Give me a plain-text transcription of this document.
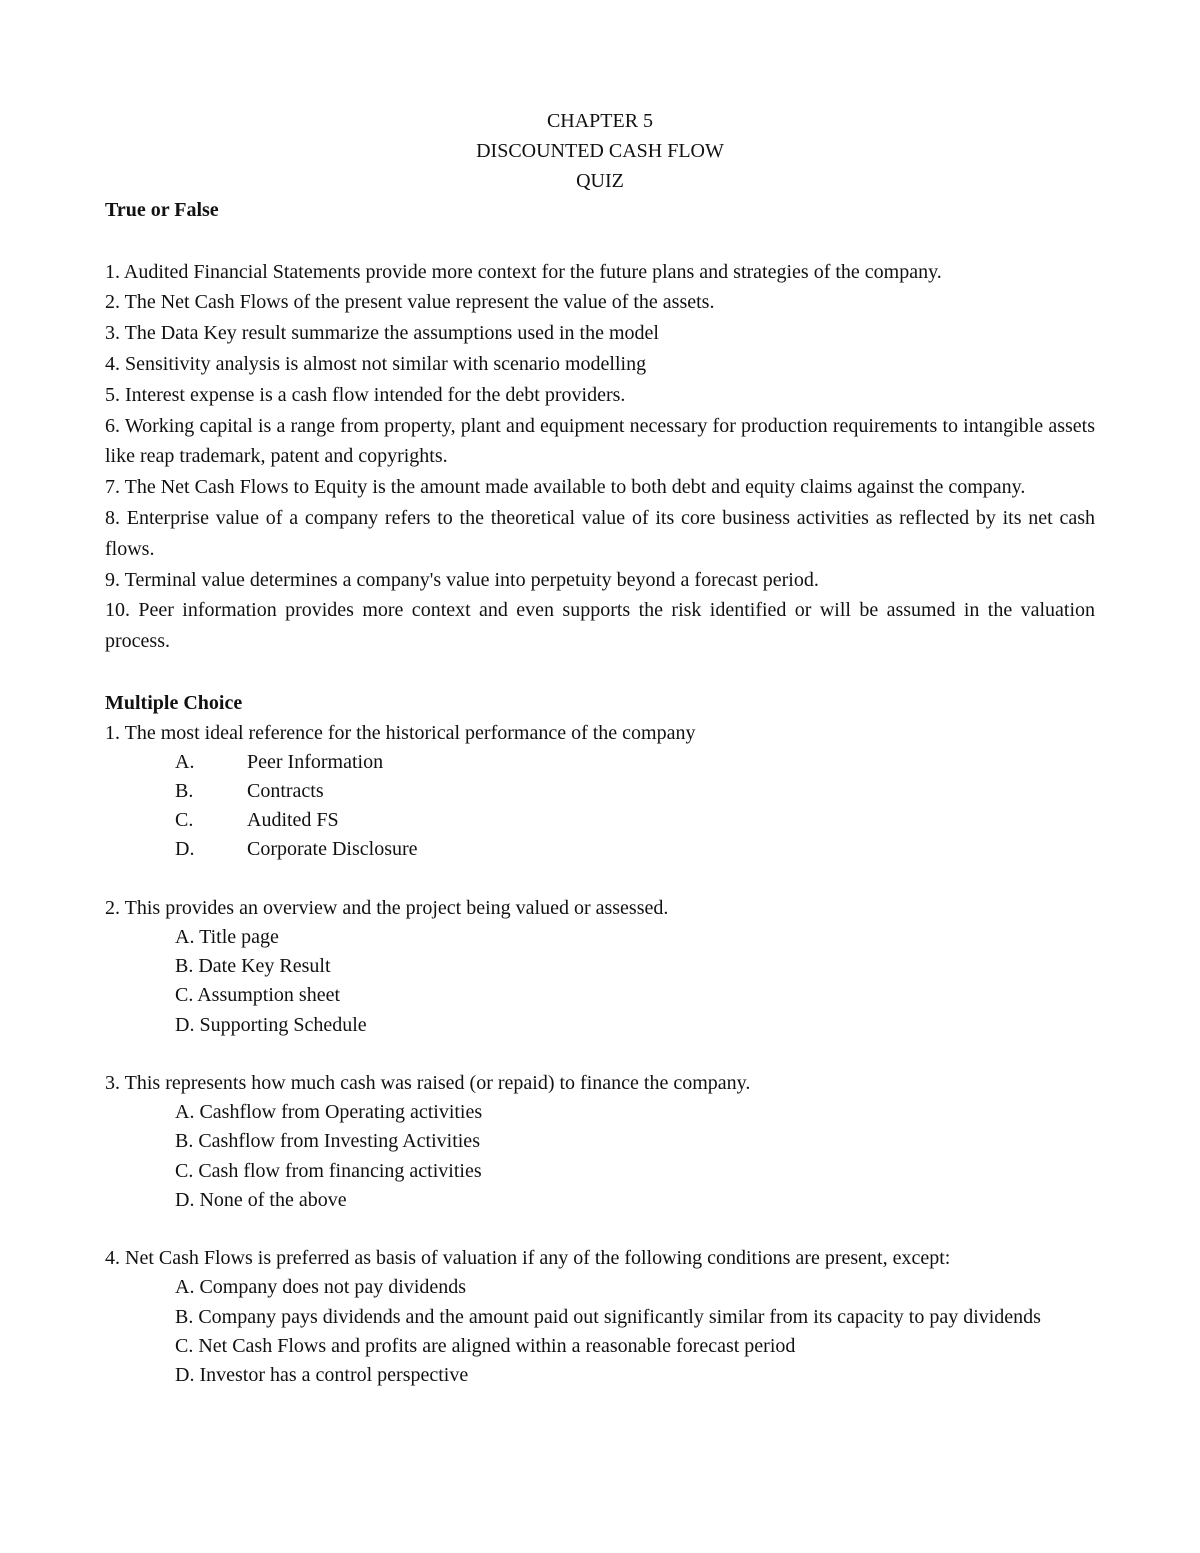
CHAPTER 5
DISCOUNTED CASH FLOW
QUIZ
True or False
1. Audited Financial Statements provide more context for the future plans and strategies of the company.
2. The Net Cash Flows of the present value represent the value of the assets.
3. The Data Key result summarize the assumptions used in the model
4. Sensitivity analysis is almost not similar with scenario modelling
5. Interest expense is a cash flow intended for the debt providers.
6. Working capital is a range from property, plant and equipment necessary for production requirements to intangible assets like reap trademark, patent and copyrights.
7. The Net Cash Flows to Equity is the amount made available to both debt and equity claims against the company.
8. Enterprise value of a company refers to the theoretical value of its core business activities as reflected by its net cash flows.
9. Terminal value determines a company's value into perpetuity beyond a forecast period.
10. Peer information provides more context and even supports the risk identified or will be assumed in the valuation process.
Multiple Choice
1. The most ideal reference for the historical performance of the company
A.	Peer Information
B.	Contracts
C.	Audited FS
D.	Corporate Disclosure
2. This provides an overview and the project being valued or assessed.
A. Title page
B. Date Key Result
C. Assumption sheet
D. Supporting Schedule
3. This represents how much cash was raised (or repaid) to finance the company.
A. Cashflow from Operating activities
B. Cashflow from Investing Activities
C. Cash flow from financing activities
D. None of the above
4. Net Cash Flows is preferred as basis of valuation if any of the following conditions are present, except:
A. Company does not pay dividends
B. Company pays dividends and the amount paid out significantly similar from its capacity to pay dividends
C. Net Cash Flows and profits are aligned within a reasonable forecast period
D. Investor has a control perspective
